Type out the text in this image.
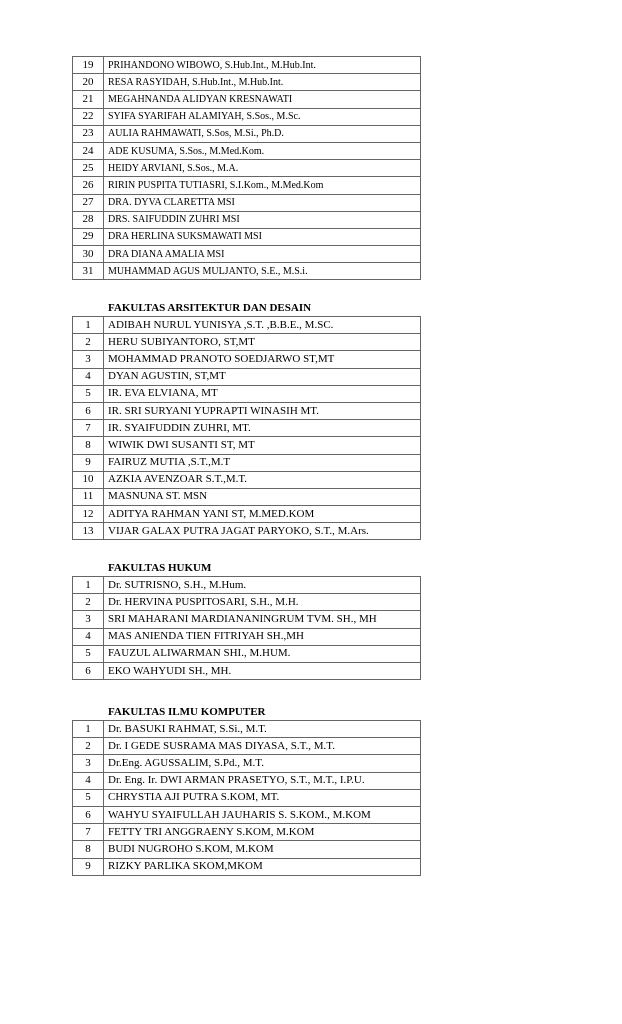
19	PRIHANDONO WIBOWO, S.Hub.Int., M.Hub.Int.
20	RESA RASYIDAH, S.Hub.Int., M.Hub.Int.
21	MEGAHNANDA ALIDYAN KRESNAWATI
22	SYIFA SYARIFAH ALAMIYAH, S.Sos., M.Sc.
23	AULIA RAHMAWATI, S.Sos, M.Si., Ph.D.
24	ADE KUSUMA, S.Sos., M.Med.Kom.
25	HEIDY ARVIANI, S.Sos., M.A.
26	RIRIN PUSPITA TUTIASRI, S.I.Kom., M.Med.Kom
27	DRA. DYVA CLARETTA MSI
28	DRS. SAIFUDDIN ZUHRI MSI
29	DRA HERLINA SUKSMAWATI MSI
30	DRA DIANA AMALIA MSI
31	MUHAMMAD AGUS MULJANTO, S.E., M.S.i.
FAKULTAS ARSITEKTUR DAN DESAIN
1	ADIBAH NURUL YUNISYA ,S.T. ,B.B.E., M.SC.
2	HERU SUBIYANTORO, ST,MT
3	MOHAMMAD PRANOTO SOEDJARWO ST,MT
4	DYAN AGUSTIN, ST,MT
5	IR. EVA ELVIANA, MT
6	IR. SRI SURYANI YUPRAPTI WINASIH MT.
7	IR. SYAIFUDDIN ZUHRI, MT.
8	WIWIK DWI SUSANTI ST, MT
9	FAIRUZ MUTIA ,S.T.,M.T
10	AZKIA AVENZOAR S.T.,M.T.
11	MASNUNA ST. MSN
12	ADITYA RAHMAN YANI ST, M.MED.KOM
13	VIJAR GALAX PUTRA JAGAT PARYOKO, S.T., M.Ars.
FAKULTAS HUKUM
1	Dr. SUTRISNO, S.H., M.Hum.
2	Dr. HERVINA PUSPITOSARI, S.H., M.H.
3	SRI MAHARANI MARDIANANINGRUM TVM. SH., MH
4	MAS ANIENDA TIEN FITRIYAH SH.,MH
5	FAUZUL ALIWARMAN SHI., M.HUM.
6	EKO WAHYUDI SH., MH.
FAKULTAS ILMU KOMPUTER
1	Dr. BASUKI RAHMAT, S.Si., M.T.
2	Dr. I GEDE SUSRAMA MAS DIYASA, S.T., M.T.
3	Dr.Eng. AGUSSALIM, S.Pd., M.T.
4	Dr. Eng. Ir. DWI ARMAN PRASETYO, S.T., M.T., I.P.U.
5	CHRYSTIA AJI PUTRA S.KOM, MT.
6	WAHYU SYAIFULLAH JAUHARIS S. S.KOM., M.KOM
7	FETTY TRI ANGGRAENY S.KOM, M.KOM
8	BUDI NUGROHO S.KOM, M.KOM
9	RIZKY PARLIKA SKOM,MKOM
